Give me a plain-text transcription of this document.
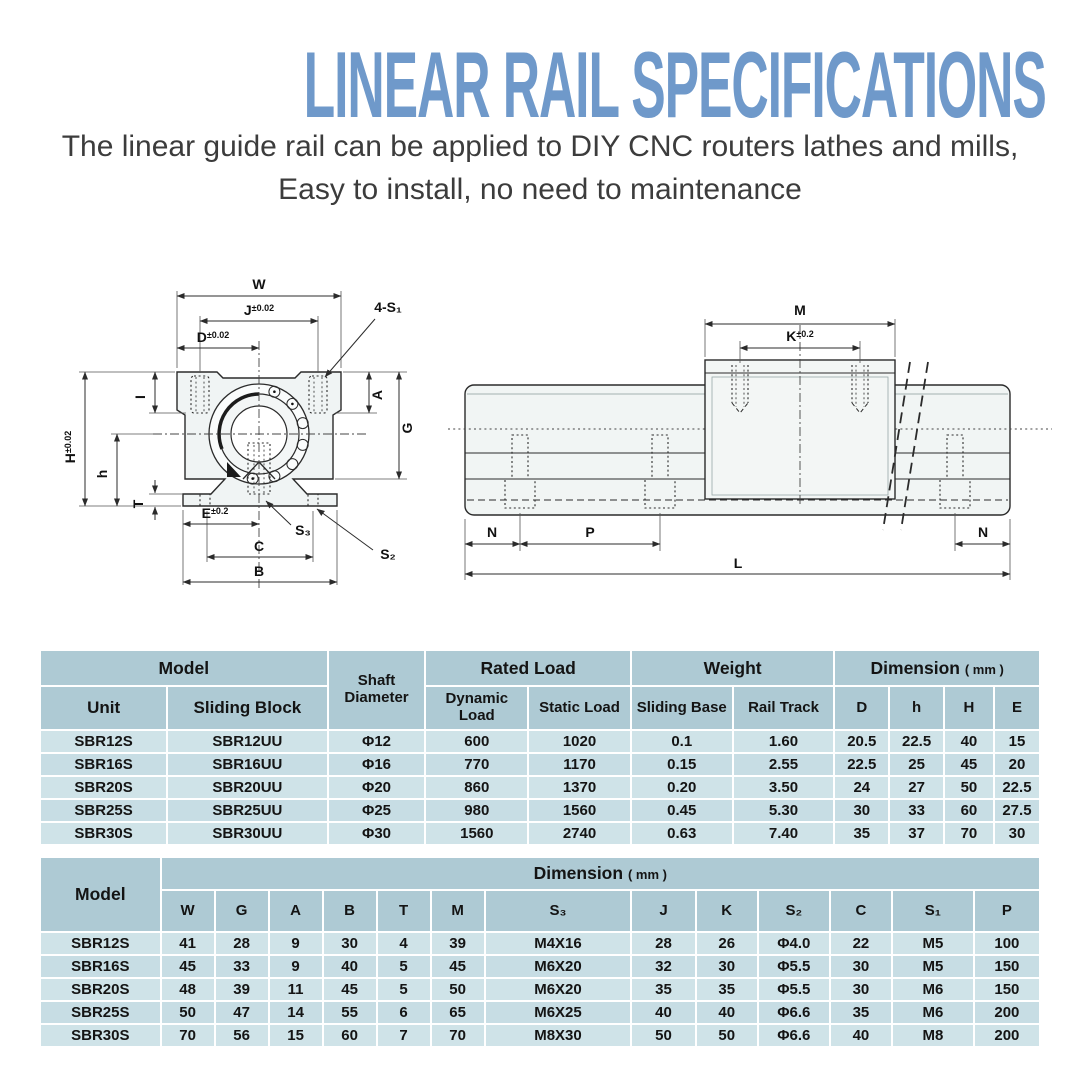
LINEAR RAIL SPECIFICATIONS
The linear guide rail can be applied to DIY CNC routers lathes and mills,
Easy to install, no need to maintenance
W
$J^{\pm 0.02}$
$D^{\pm 0.02}$
4-S₁
I
$H^{\pm 0.02}$
h
T
A
G
$E^{\pm 0.2}$
S₃
C
B
S₂
M
$K^{\pm 0.2}$
N	P	N
L
Model		Shaft Diameter	Rated Load		Weight		Dimension ( mm )			
Unit	Sliding Block		Dynamic Load	Static Load	Sliding Base	Rail Track	D	h	H	E
SBR12S	SBR12UU	Φ12	600	1020	0.1	1.60	20.5	22.5	40	15
SBR16S	SBR16UU	Φ16	770	1170	0.15	2.55	22.5	25	45	20
SBR20S	SBR20UU	Φ20	860	1370	0.20	3.50	24	27	50	22.5
SBR25S	SBR25UU	Φ25	980	1560	0.45	5.30	30	33	60	27.5
SBR30S	SBR30UU	Φ30	1560	2740	0.63	7.40	35	37	70	30
Model	Dimension ( mm )												
	W	G	A	B	T	M	S₃	J	K	S₂	C	S₁	P
SBR12S	41	28	9	30	4	39	M4X16	28	26	Φ4.0	22	M5	100
SBR16S	45	33	9	40	5	45	M6X20	32	30	Φ5.5	30	M5	150
SBR20S	48	39	11	45	5	50	M6X20	35	35	Φ5.5	30	M6	150
SBR25S	50	47	14	55	6	65	M6X25	40	40	Φ6.6	35	M6	200
SBR30S	70	56	15	60	7	70	M8X30	50	50	Φ6.6	40	M8	200
